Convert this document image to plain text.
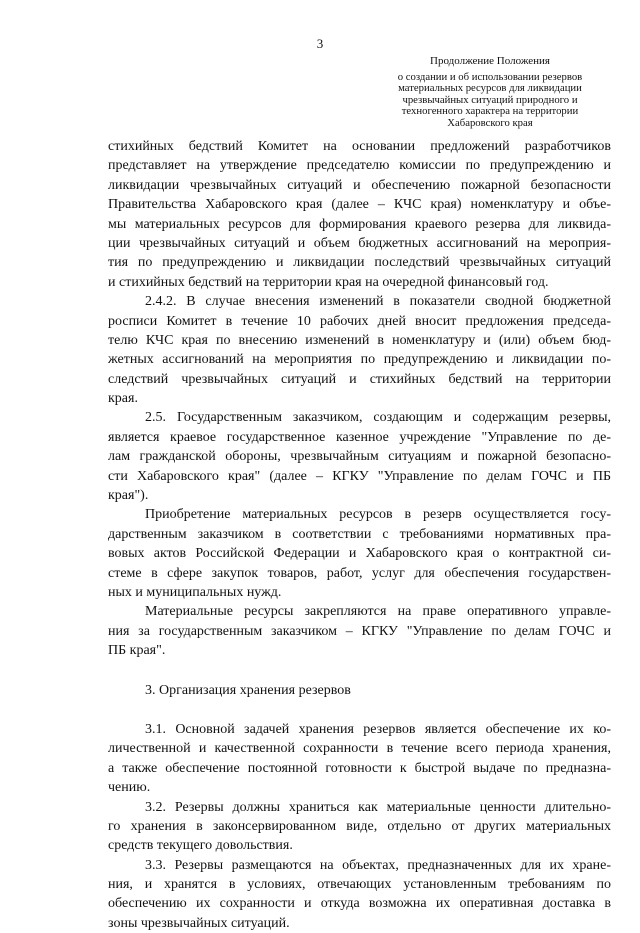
3
Продолжение Положения
о создании и об использовании резервов
материальных ресурсов для ликвидации
чрезвычайных ситуаций природного и
техногенного характера на территории
Хабаровского края
стихийных бедствий Комитет на основании предложений разработчиков
представляет на утверждение председателю комиссии по предупреждению и
ликвидации чрезвычайных ситуаций и обеспечению пожарной безопасности
Правительства Хабаровского края (далее – КЧС края) номенклатуру и объе-
мы материальных ресурсов для формирования краевого резерва для ликвида-
ции чрезвычайных ситуаций и объем бюджетных ассигнований на мероприя-
тия по предупреждению и ликвидации последствий чрезвычайных ситуаций
и стихийных бедствий на территории края на очередной финансовый год.
2.4.2. В случае внесения изменений в показатели сводной бюджетной
росписи Комитет в течение 10 рабочих дней вносит предложения председа-
телю КЧС края по внесению изменений в номенклатуру и (или) объем бюд-
жетных ассигнований на мероприятия по предупреждению и ликвидации по-
следствий чрезвычайных ситуаций и стихийных бедствий на территории
края.
2.5. Государственным заказчиком, создающим и содержащим резервы,
является краевое государственное казенное учреждение "Управление по де-
лам гражданской обороны, чрезвычайным ситуациям и пожарной безопасно-
сти Хабаровского края" (далее – КГКУ "Управление по делам ГОЧС и ПБ
края").
Приобретение материальных ресурсов в резерв осуществляется госу-
дарственным заказчиком в соответствии с требованиями нормативных пра-
вовых актов Российской Федерации и Хабаровского края о контрактной си-
стеме в сфере закупок товаров, работ, услуг для обеспечения государствен-
ных и муниципальных нужд.
Материальные ресурсы закрепляются на праве оперативного управле-
ния за государственным заказчиком – КГКУ "Управление по делам ГОЧС и
ПБ края".
3. Организация хранения резервов
3.1. Основной задачей хранения резервов является обеспечение их ко-
личественной и качественной сохранности в течение всего периода хранения,
а также обеспечение постоянной готовности к быстрой выдаче по предназна-
чению.
3.2. Резервы должны храниться как материальные ценности длительно-
го хранения в законсервированном виде, отдельно от других материальных
средств текущего довольствия.
3.3. Резервы размещаются на объектах, предназначенных для их хране-
ния, и хранятся в условиях, отвечающих установленным требованиям по
обеспечению их сохранности и откуда возможна их оперативная доставка в
зоны чрезвычайных ситуаций.
